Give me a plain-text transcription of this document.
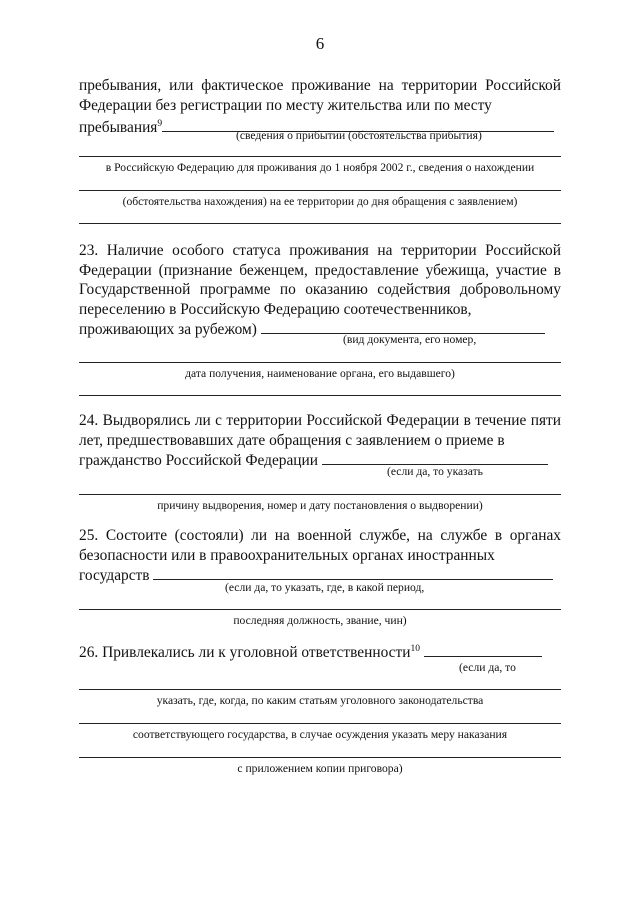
6
пребывания, или фактическое проживание на территории Российской Федерации без регистрации по месту жительства или по месту
пребывания$^9$
(сведения о прибытии (обстоятельства прибытия)
в Российскую Федерацию для проживания до 1 ноября 2002 г., сведения о нахождении
(обстоятельства нахождения) на ее территории до дня обращения с заявлением)
23. Наличие особого статуса проживания на территории Российской Федерации (признание беженцем, предоставление убежища, участие в Государственной программе по оказанию содействия добровольному переселению в Российскую Федерацию соотечественников,
проживающих за рубежом)
(вид документа, его номер,
дата получения, наименование органа, его выдавшего)
24. Выдворялись ли с территории Российской Федерации в течение пяти лет, предшествовавших дате обращения с заявлением о приеме в
гражданство Российской Федерации
(если да, то указать
причину выдворения, номер и дату постановления о выдворении)
25. Состоите (состояли) ли на военной службе, на службе в органах безопасности или в правоохранительных органах иностранных
государств
(если да, то указать, где, в какой период,
последняя должность, звание, чин)
26. Привлекались ли к уголовной ответственности$^{10}$
(если да, то
указать, где, когда, по каким статьям уголовного законодательства
соответствующего государства, в случае осуждения указать меру наказания
с приложением копии приговора)
